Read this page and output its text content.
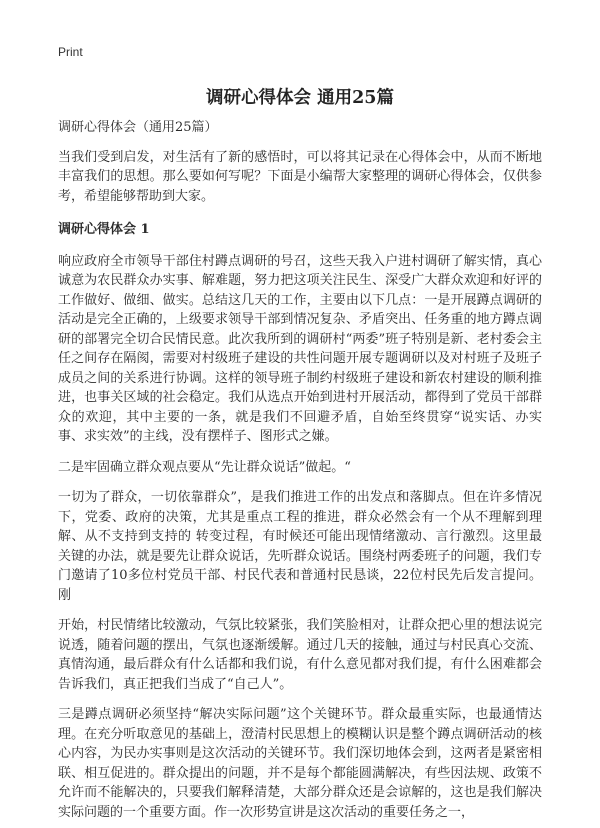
Print
调研心得体会 通用25篇

调研心得体会（通用25篇）

当我们受到启发，对生活有了新的感悟时，可以将其记录在心得体会中，从而不断地丰富我们的思想。那么要如何写呢？下面是小编帮大家整理的调研心得体会，仅供参考，希望能够帮助到大家。

调研心得体会 1

响应政府全市领导干部住村蹲点调研的号召，这些天我入户进村调研了解实情，真心诚意为农民群众办实事、解难题，努力把这项关注民生、深受广大群众欢迎和好评的工作做好、做细、做实。总结这几天的工作，主要由以下几点：一是开展蹲点调研的活动是完全正确的，上级要求领导干部到情况复杂、矛盾突出、任务重的地方蹲点调研的部署完全切合民情民意。此次我所到的调研村“两委”班子特别是新、老村委会主任之间存在隔阂，需要对村级班子建设的共性问题开展专题调研以及对村班子及班子成员之间的关系进行协调。这样的领导班子制约村级班子建设和新农村建设的顺利推进，也事关区域的社会稳定。我们从选点开始到进村开展活动，都得到了党员干部群众的欢迎，其中主要的一条，就是我们不回避矛盾，自始至终贯穿“说实话、办实事、求实效”的主线，没有摆样子、图形式之嫌。

二是牢固确立群众观点要从“先让群众说话”做起。“

一切为了群众，一切依靠群众”，是我们推进工作的出发点和落脚点。但在许多情况下，党委、政府的决策，尤其是重点工程的推进，群众必然会有一个从不理解到理解、从不支持到支持的 转变过程，有时候还可能出现情绪激动、言行激烈。这里最关键的办法，就是要先让群众说话，先听群众说话。围绕村两委班子的问题，我们专门邀请了10多位村党员干部、村民代表和普通村民恳谈，22位村民先后发言提问。刚

开始，村民情绪比较激动，气氛比较紧张，我们笑脸相对，让群众把心里的想法说完说透，随着问题的摆出，气氛也逐渐缓解。通过几天的接触，通过与村民真心交流、真情沟通，最后群众有什么话都和我们说，有什么意见都对我们提，有什么困难都会告诉我们，真正把我们当成了“自己人”。

三是蹲点调研必须坚持“解决实际问题”这个关键环节。群众最重实际，也最通情达理。在充分听取意见的基础上，澄清村民思想上的模糊认识是整个蹲点调研活动的核心内容，为民办实事则是这次活动的关键环节。我们深切地体会到，这两者是紧密相联、相互促进的。群众提出的问题，并不是每个都能圆满解决，有些因法规、政策不允许而不能解决的，只要我们解释清楚，大部分群众还是会谅解的，这也是我们解决实际问题的一个重要方面。作一次形势宣讲是这次活动的重要任务之一，
